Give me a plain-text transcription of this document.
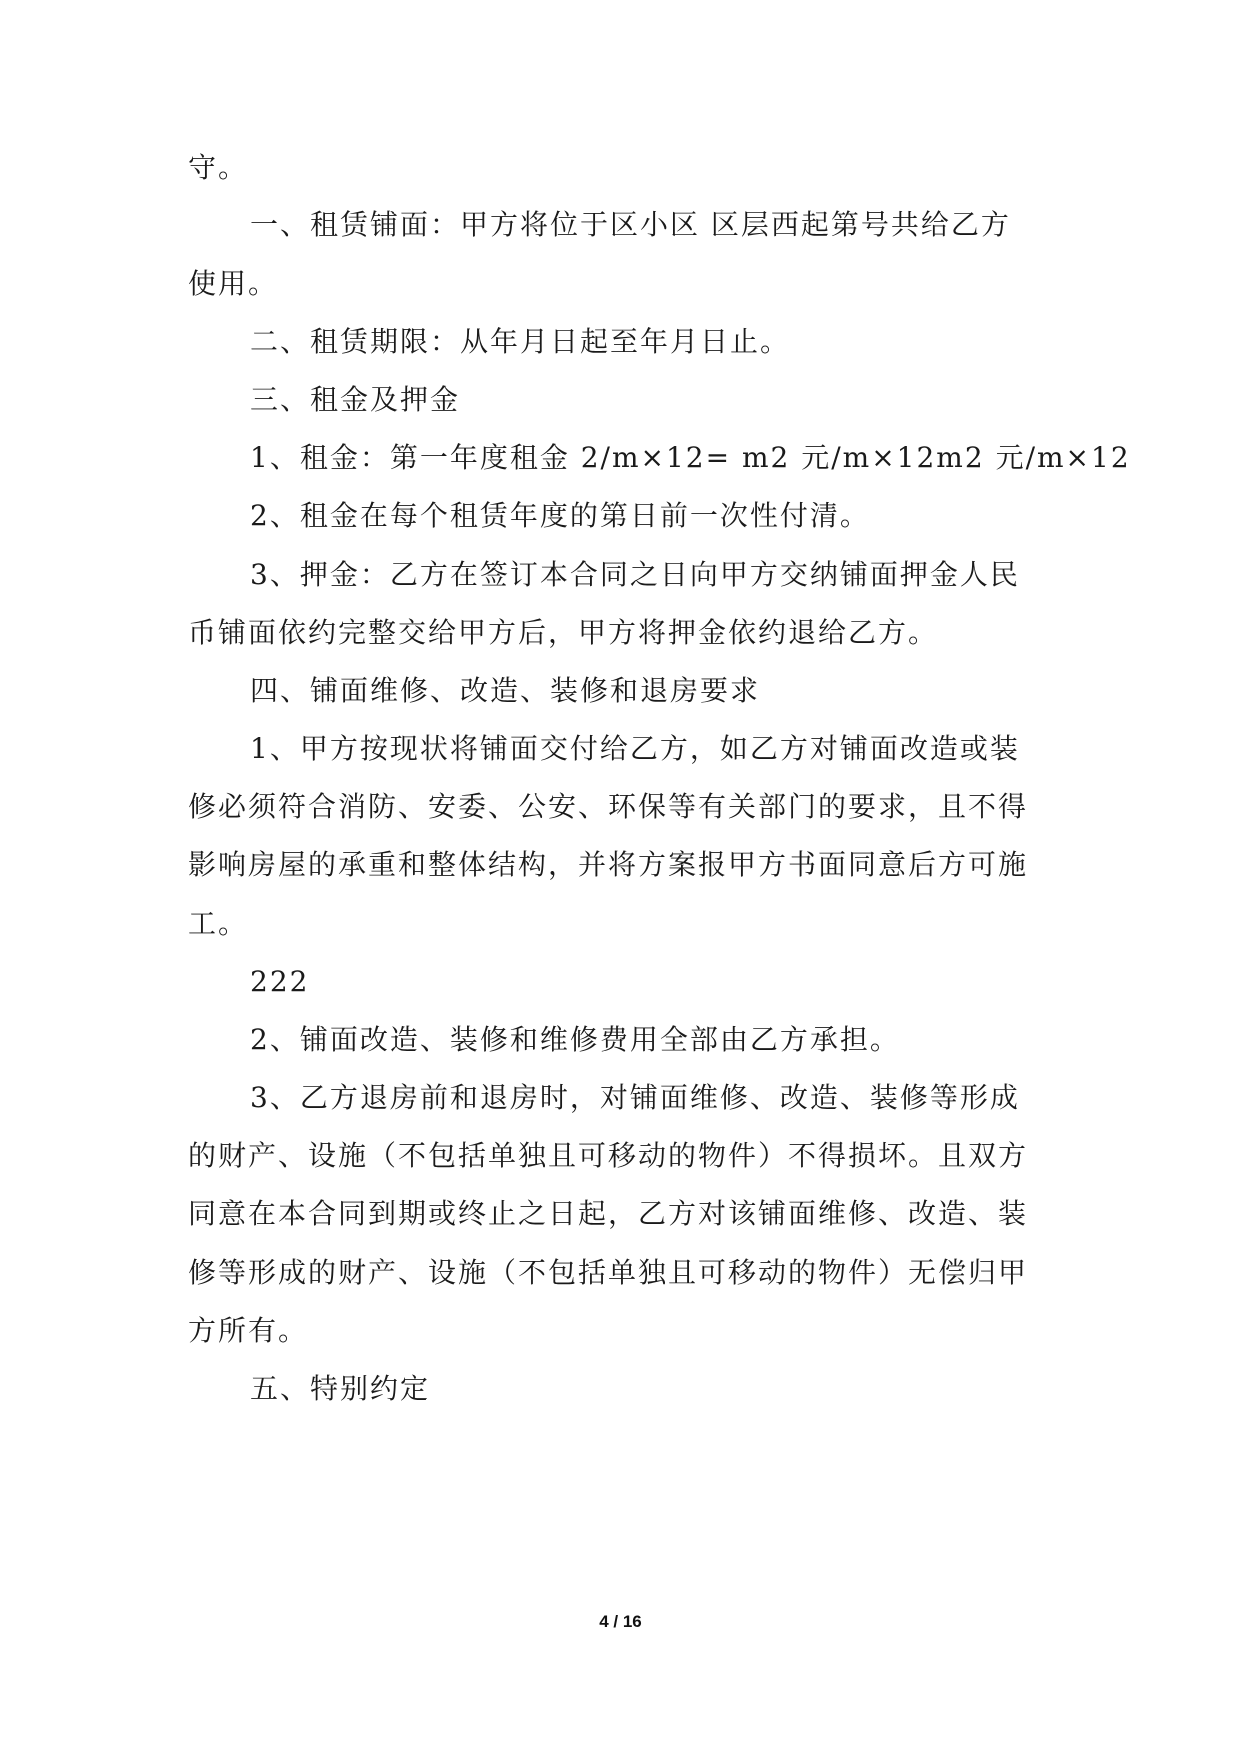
守。
一、租赁铺面：甲方将位于区小区 区层西起第号共给乙方
使用。
二、租赁期限：从年月日起至年月日止。
三、租金及押金
1、租金：第一年度租金 2/m×12= m2 元/m×12m2 元/m×12
2、租金在每个租赁年度的第日前一次性付清。
3、押金：乙方在签订本合同之日向甲方交纳铺面押金人民
币铺面依约完整交给甲方后，甲方将押金依约退给乙方。
四、铺面维修、改造、装修和退房要求
1、甲方按现状将铺面交付给乙方，如乙方对铺面改造或装
修必须符合消防、安委、公安、环保等有关部门的要求，且不得
影响房屋的承重和整体结构，并将方案报甲方书面同意后方可施
工。
222
2、铺面改造、装修和维修费用全部由乙方承担。
3、乙方退房前和退房时，对铺面维修、改造、装修等形成
的财产、设施（不包括单独且可移动的物件）不得损坏。且双方
同意在本合同到期或终止之日起，乙方对该铺面维修、改造、装
修等形成的财产、设施（不包括单独且可移动的物件）无偿归甲
方所有。
五、特别约定
4 / 16
